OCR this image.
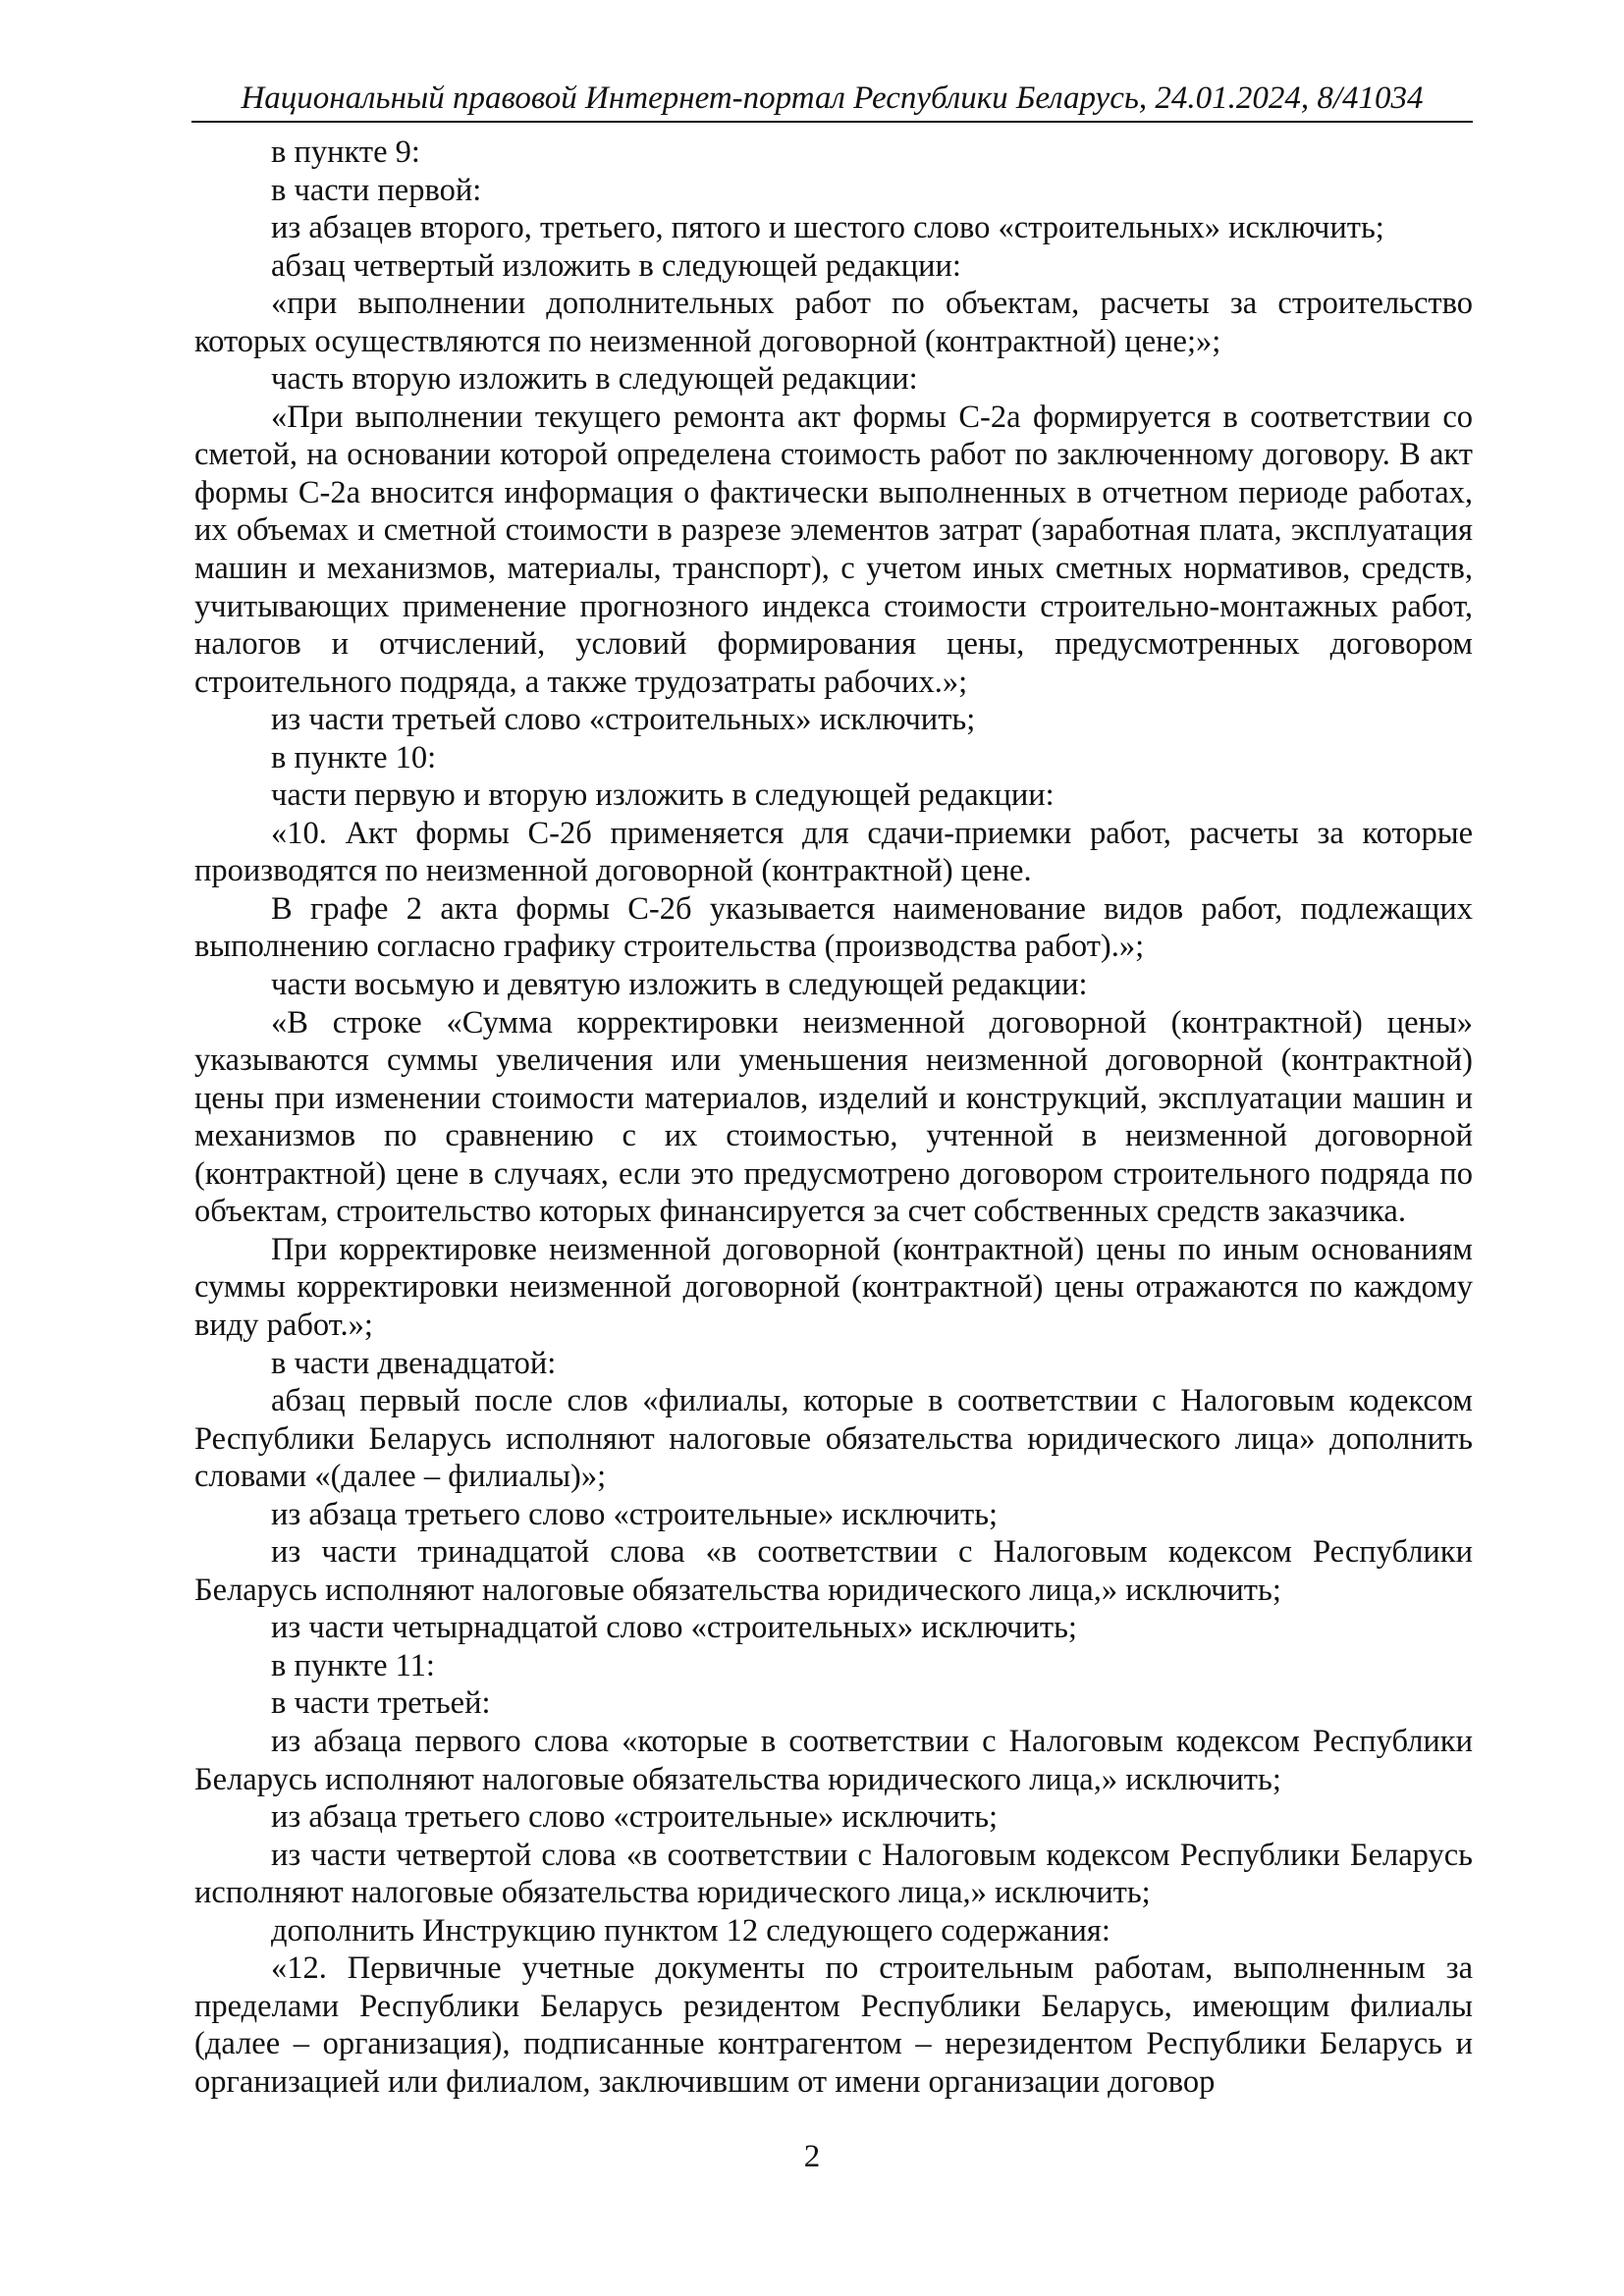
Национальный правовой Интернет-портал Республики Беларусь, 24.01.2024, 8/41034

в пункте 9:

в части первой:

из абзацев второго, третьего, пятого и шестого слово «строительных» исключить;

абзац четвертый изложить в следующей редакции:

«при выполнении дополнительных работ по объектам, расчеты за строительство которых осуществляются по неизменной договорной (контрактной) цене;»;

часть вторую изложить в следующей редакции:

«При выполнении текущего ремонта акт формы С-2а формируется в соответствии со сметой, на основании которой определена стоимость работ по заключенному договору. В акт формы С-2а вносится информация о фактически выполненных в отчетном периоде работах, их объемах и сметной стоимости в разрезе элементов затрат (заработная плата, эксплуатация машин и механизмов, материалы, транспорт), с учетом иных сметных нормативов, средств, учитывающих применение прогнозного индекса стоимости строительно-монтажных работ, налогов и отчислений, условий формирования цены, предусмотренных договором строительного подряда, а также трудозатраты рабочих.»;

из части третьей слово «строительных» исключить;

в пункте 10:

части первую и вторую изложить в следующей редакции:

«10. Акт формы С-2б применяется для сдачи-приемки работ, расчеты за которые производятся по неизменной договорной (контрактной) цене.

В графе 2 акта формы С-2б указывается наименование видов работ, подлежащих выполнению согласно графику строительства (производства работ).»;

части восьмую и девятую изложить в следующей редакции:

«В строке «Сумма корректировки неизменной договорной (контрактной) цены» указываются суммы увеличения или уменьшения неизменной договорной (контрактной) цены при изменении стоимости материалов, изделий и конструкций, эксплуатации машин и механизмов по сравнению с их стоимостью, учтенной в неизменной договорной (контрактной) цене в случаях, если это предусмотрено договором строительного подряда по объектам, строительство которых финансируется за счет собственных средств заказчика.

При корректировке неизменной договорной (контрактной) цены по иным основаниям суммы корректировки неизменной договорной (контрактной) цены отражаются по каждому виду работ.»;

в части двенадцатой:

абзац первый после слов «филиалы, которые в соответствии с Налоговым кодексом Республики Беларусь исполняют налоговые обязательства юридического лица» дополнить словами «(далее – филиалы)»;

из абзаца третьего слово «строительные» исключить;

из части тринадцатой слова «в соответствии с Налоговым кодексом Республики Беларусь исполняют налоговые обязательства юридического лица,» исключить;

из части четырнадцатой слово «строительных» исключить;

в пункте 11:

в части третьей:

из абзаца первого слова «которые в соответствии с Налоговым кодексом Республики Беларусь исполняют налоговые обязательства юридического лица,» исключить;

из абзаца третьего слово «строительные» исключить;

из части четвертой слова «в соответствии с Налоговым кодексом Республики Беларусь исполняют налоговые обязательства юридического лица,» исключить;

дополнить Инструкцию пунктом 12 следующего содержания:

«12. Первичные учетные документы по строительным работам, выполненным за пределами Республики Беларусь резидентом Республики Беларусь, имеющим филиалы (далее – организация), подписанные контрагентом – нерезидентом Республики Беларусь и организацией или филиалом, заключившим от имени организации договор

2
